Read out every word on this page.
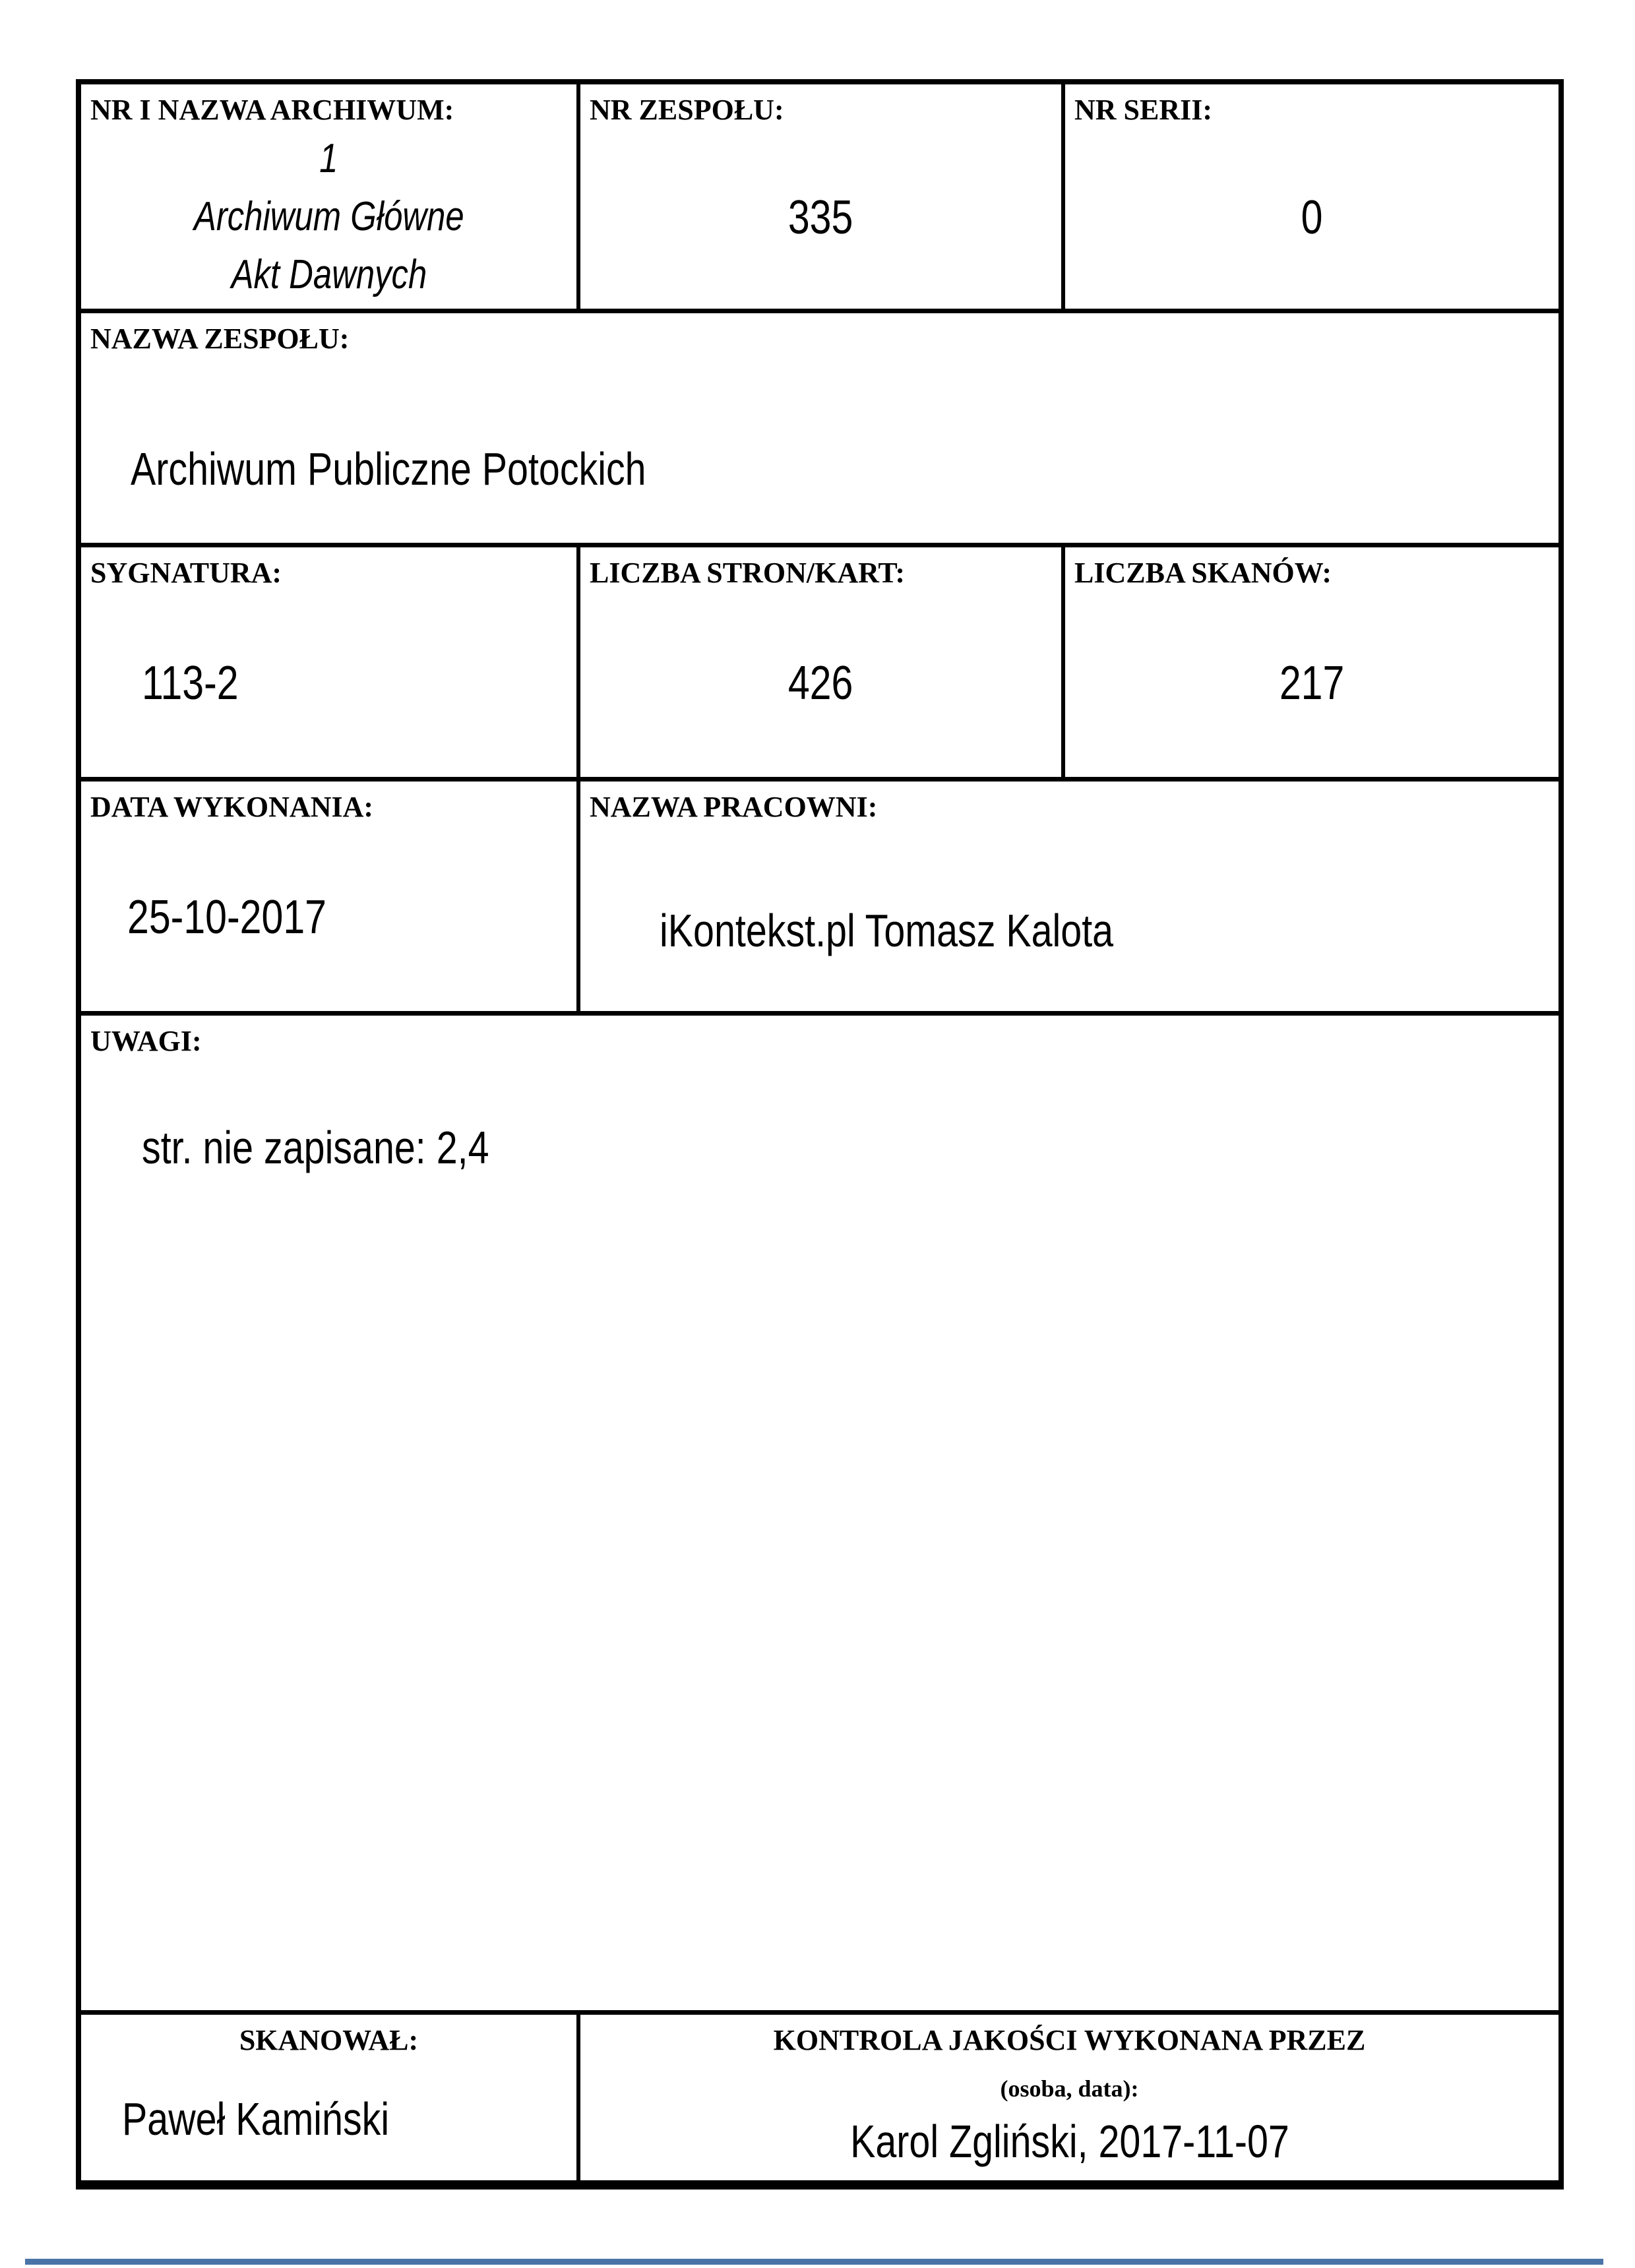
NR I NAZWA ARCHIWUM:
1
Archiwum Główne
Akt Dawnych
NR ZESPOŁU:
335
NR SERII:
0
NAZWA ZESPOŁU:
Archiwum Publiczne Potockich
SYGNATURA:
113-2
LICZBA STRON/KART:
426
LICZBA SKANÓW:
217
DATA WYKONANIA:
25-10-2017
NAZWA PRACOWNI:
iKontekst.pl Tomasz Kalota
UWAGI:
str. nie zapisane: 2,4
SKANOWAŁ:
Paweł Kamiński
KONTROLA JAKOŚCI WYKONANA PRZEZ
(osoba, data):
Karol Zgliński, 2017-11-07
